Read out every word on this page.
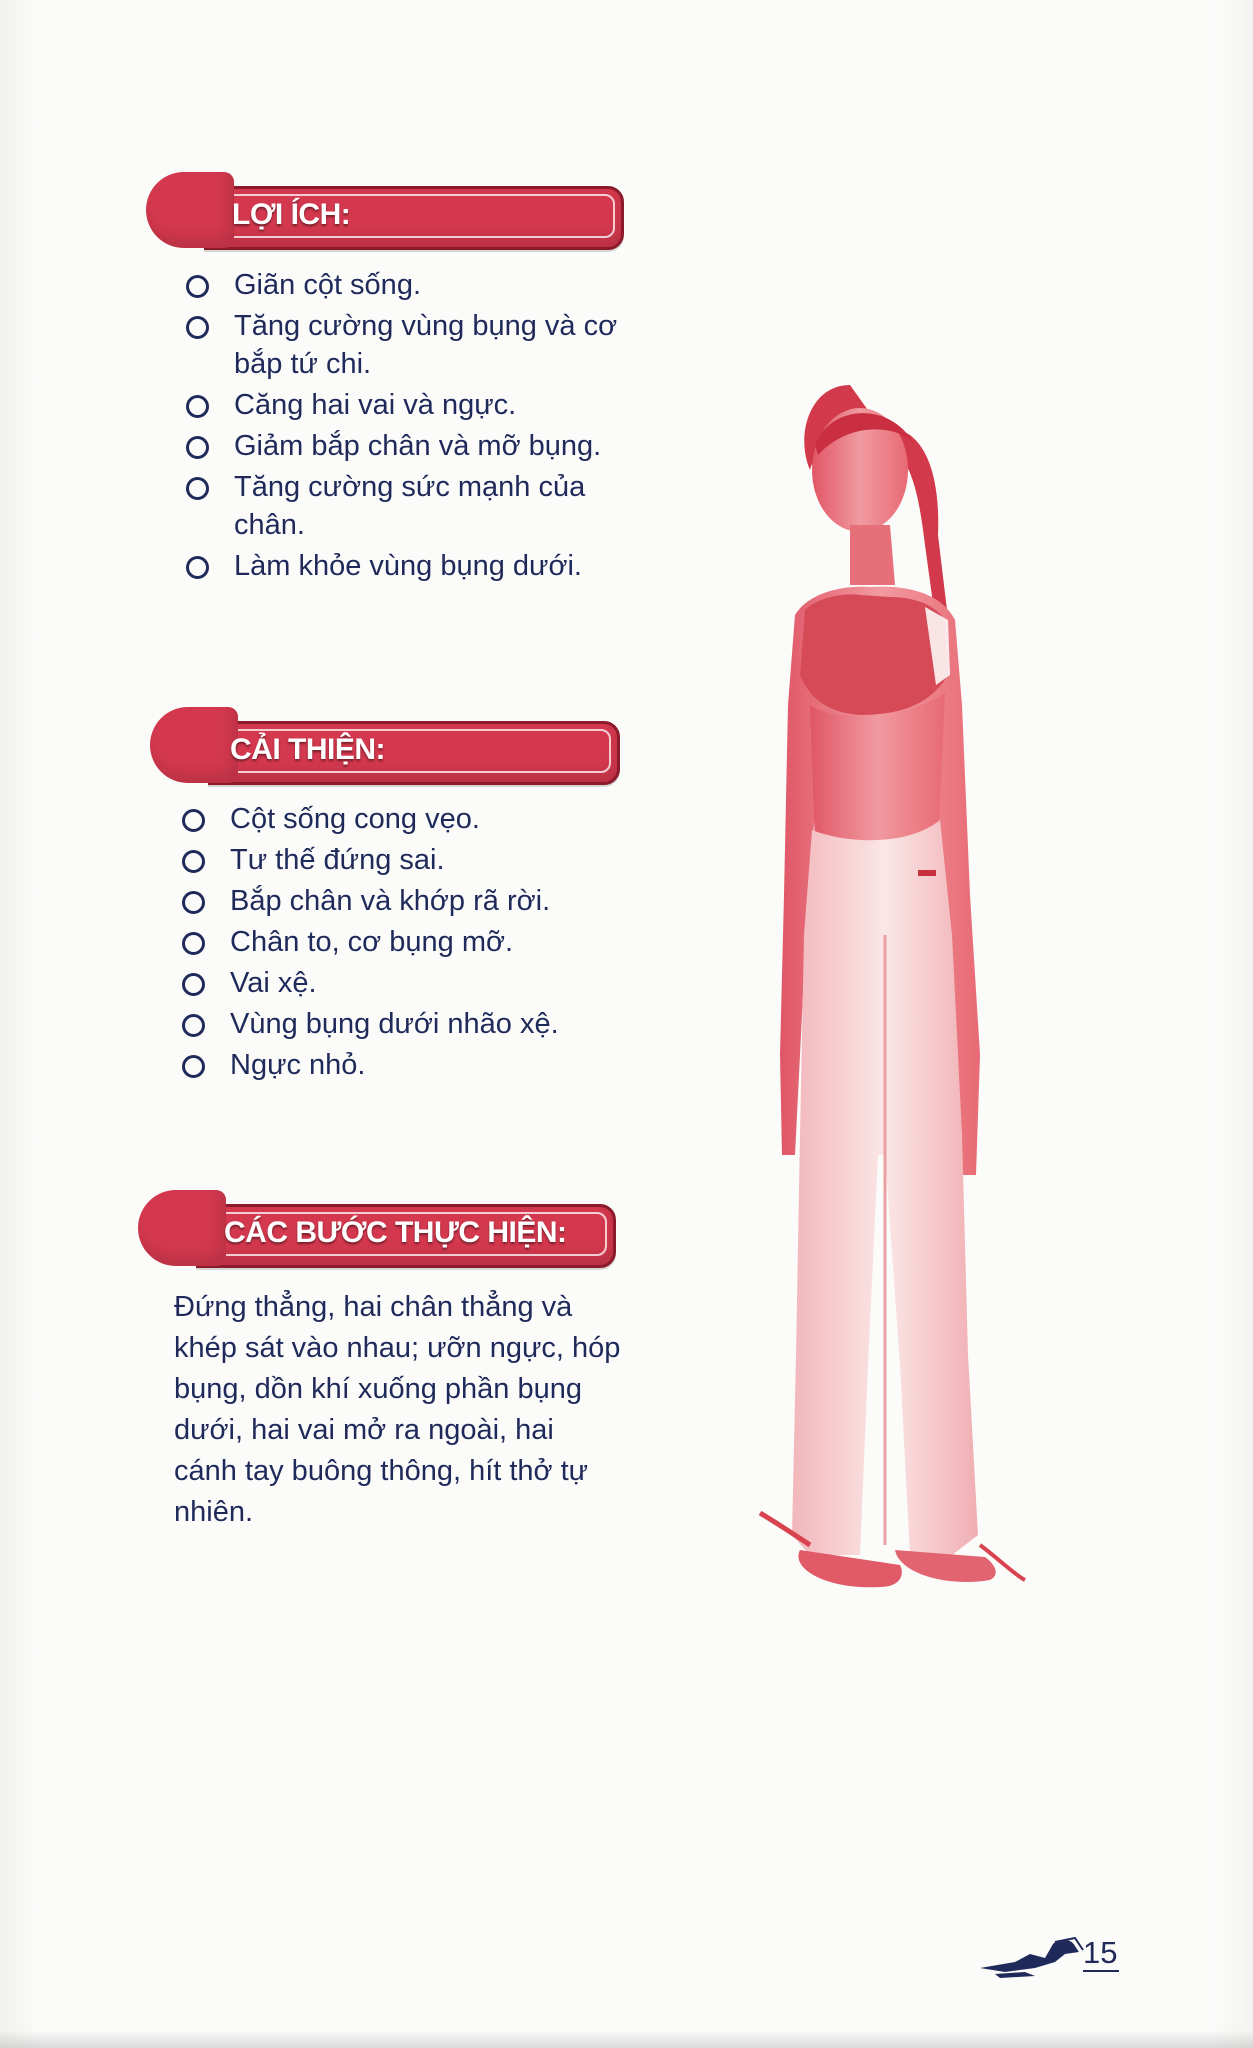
LỢI ÍCH:
Giãn cột sống.
Tăng cường vùng bụng và cơ bắp tứ chi.
Căng hai vai và ngực.
Giảm bắp chân và mỡ bụng.
Tăng cường sức mạnh của chân.
Làm khỏe vùng bụng dưới.
CẢI THIỆN:
Cột sống cong vẹo.
Tư thế đứng sai.
Bắp chân và khớp rã rời.
Chân to, cơ bụng mỡ.
Vai xệ.
Vùng bụng dưới nhão xệ.
Ngực nhỏ.
CÁC BƯỚC THỰC HIỆN:

Đứng thẳng, hai chân thẳng và khép sát vào nhau; ưỡn ngực, hóp bụng, dồn khí xuống phần bụng dưới, hai vai mở ra ngoài, hai cánh tay buông thông, hít thở tự nhiên.

15
